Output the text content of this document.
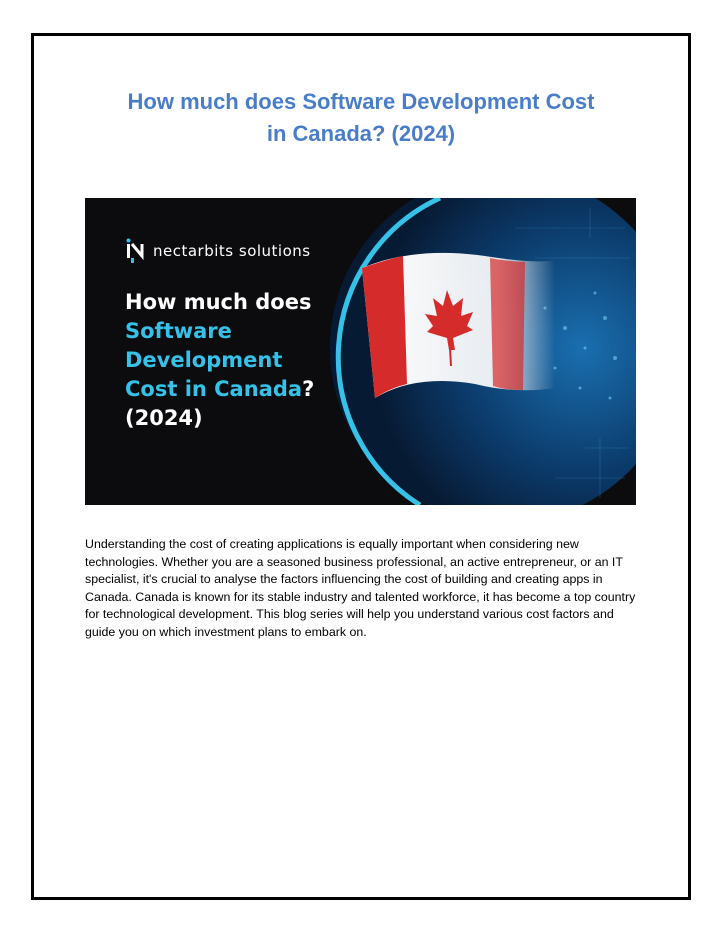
How much does Software Development Cost
in Canada? (2024)
nectarbits solutions
How much does
Software
Development
Cost in Canada?
(2024)

Understanding the cost of creating applications is equally important when considering new technologies. Whether you are a seasoned business professional, an active entrepreneur, or an IT specialist, it's crucial to analyse the factors influencing the cost of building and creating apps in Canada. Canada is known for its stable industry and talented workforce, it has become a top country for technological development. This blog series will help you understand various cost factors and guide you on which investment plans to embark on.
